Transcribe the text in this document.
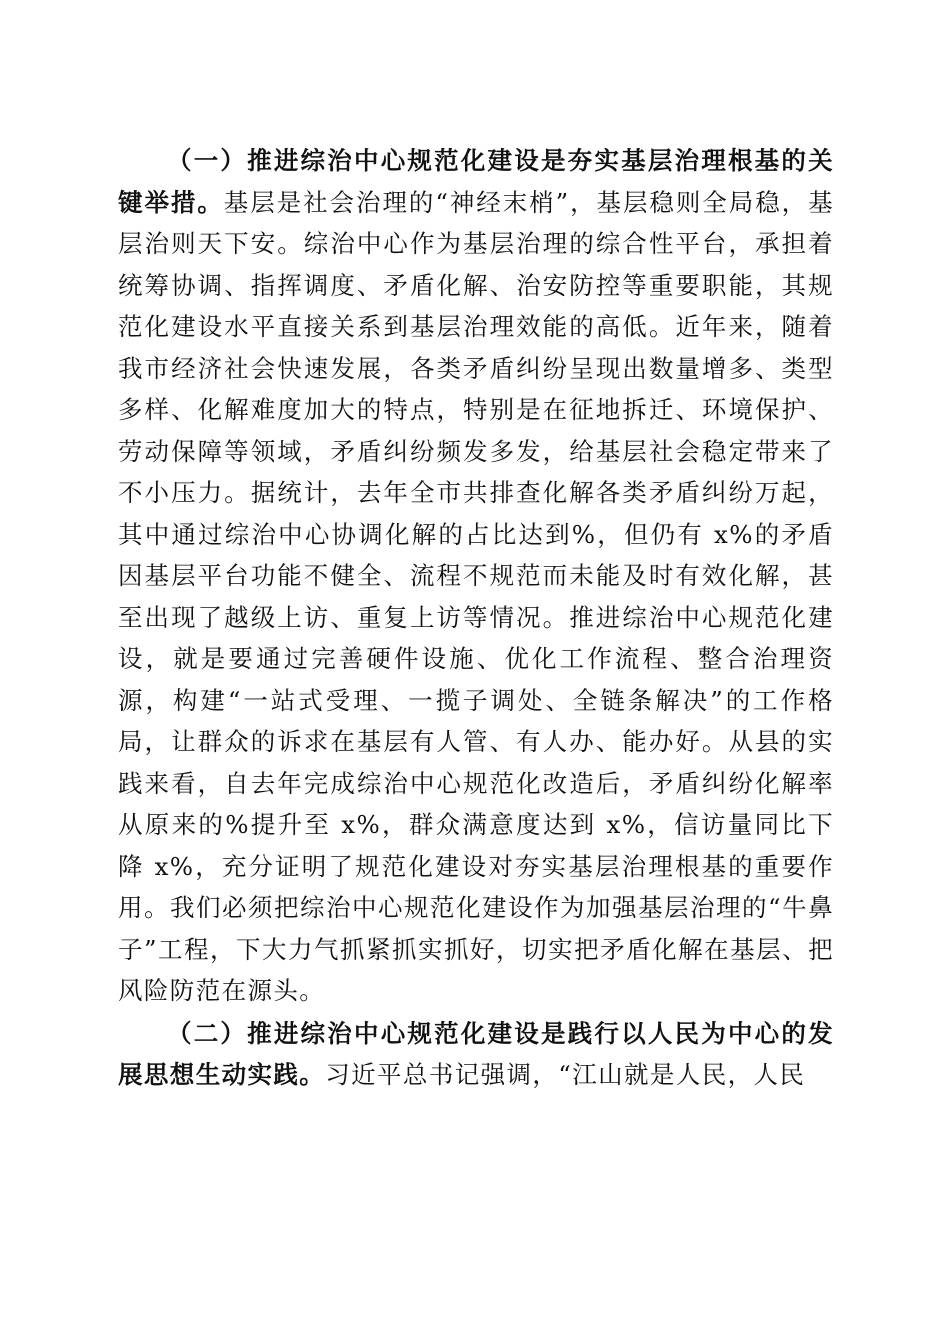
（一）推进综治中心规范化建设是夯实基层治理根基的关键举措。基层是社会治理的“神经末梢”，基层稳则全局稳，基层治则天下安。综治中心作为基层治理的综合性平台，承担着统筹协调、指挥调度、矛盾化解、治安防控等重要职能，其规范化建设水平直接关系到基层治理效能的高低。近年来，随着我市经济社会快速发展，各类矛盾纠纷呈现出数量增多、类型多样、化解难度加大的特点，特别是在征地拆迁、环境保护、劳动保障等领域，矛盾纠纷频发多发，给基层社会稳定带来了不小压力。据统计，去年全市共排查化解各类矛盾纠纷万起，其中通过综治中心协调化解的占比达到%，但仍有 x%的矛盾因基层平台功能不健全、流程不规范而未能及时有效化解，甚至出现了越级上访、重复上访等情况。推进综治中心规范化建设，就是要通过完善硬件设施、优化工作流程、整合治理资源，构建“一站式受理、一揽子调处、全链条解决”的工作格局，让群众的诉求在基层有人管、有人办、能办好。从县的实践来看，自去年完成综治中心规范化改造后，矛盾纠纷化解率从原来的%提升至 x%，群众满意度达到 x%，信访量同比下降 x%，充分证明了规范化建设对夯实基层治理根基的重要作用。我们必须把综治中心规范化建设作为加强基层治理的“牛鼻子”工程，下大力气抓紧抓实抓好，切实把矛盾化解在基层、把风险防范在源头。

（二）推进综治中心规范化建设是践行以人民为中心的发展思想生动实践。习近平总书记强调，“江山就是人民，人民
